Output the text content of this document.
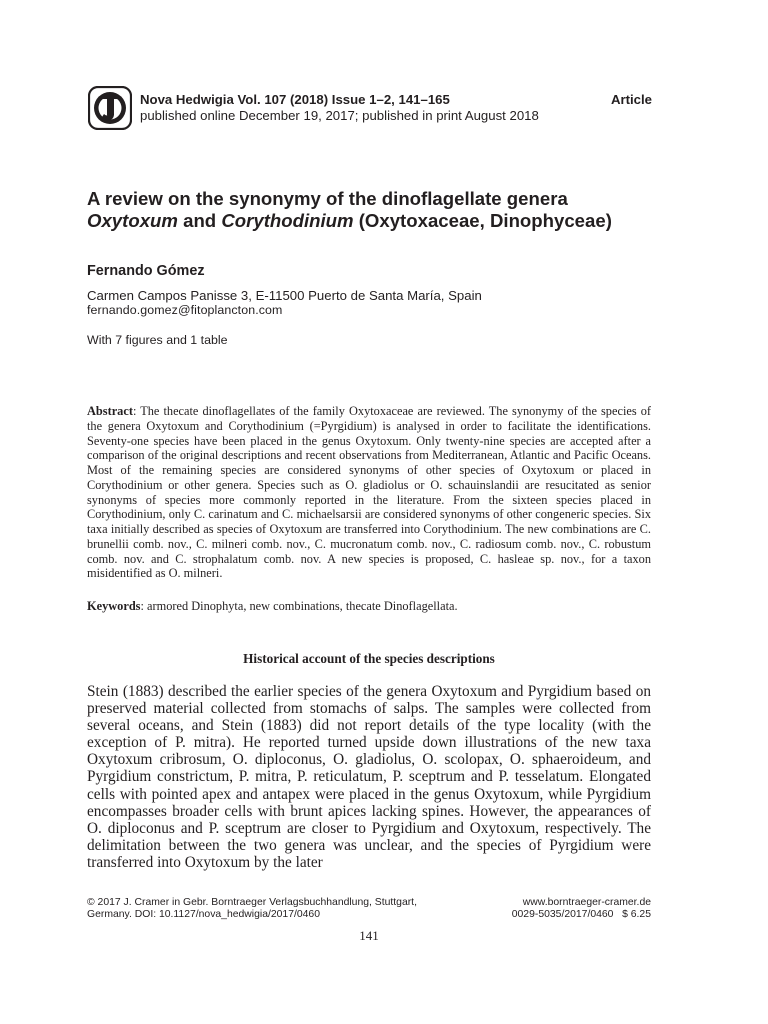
Nova Hedwigia Vol. 107 (2018) Issue 1–2, 141–165	Article
published online December 19, 2017; published in print August 2018
A review on the synonymy of the dinoflagellate genera
Oxytoxum and Corythodinium (Oxytoxaceae, Dinophyceae)
Fernando Gómez
Carmen Campos Panisse 3, E-11500 Puerto de Santa María, Spain
fernando.gomez@fitoplancton.com
With 7 figures and 1 table
Abstract: The thecate dinoflagellates of the family Oxytoxaceae are reviewed. The synonymy of the species of the genera Oxytoxum and Corythodinium (=Pyrgidium) is analysed in order to facilitate the identifications. Seventy-one species have been placed in the genus Oxytoxum. Only twenty-nine species are accepted after a comparison of the original descriptions and recent observations from Mediterranean, Atlantic and Pacific Oceans. Most of the remaining species are considered synonyms of other species of Oxytoxum or placed in Corythodinium or other genera. Species such as O. gladiolus or O. schauinslandii are resucitated as senior synonyms of species more commonly reported in the literature. From the sixteen species placed in Corythodinium, only C. carinatum and C. michaelsarsii are considered synonyms of other congeneric species. Six taxa initially described as species of Oxytoxum are transferred into Corythodinium. The new combinations are C. brunellii comb. nov., C. milneri comb. nov., C. mucronatum comb. nov., C. radiosum comb. nov., C. robustum comb. nov. and C. strophalatum comb. nov. A new species is proposed, C. hasleae sp. nov., for a taxon misidentified as O. milneri.
Keywords: armored Dinophyta, new combinations, thecate Dinoflagellata.
Historical account of the species descriptions
Stein (1883) described the earlier species of the genera Oxytoxum and Pyrgidium based on preserved material collected from stomachs of salps. The samples were collected from several oceans, and Stein (1883) did not report details of the type locality (with the exception of P. mitra). He reported turned upside down illustrations of the new taxa Oxytoxum cribrosum, O. diploconus, O. gladiolus, O. scolopax, O. sphaeroideum, and Pyrgidium constrictum, P. mitra, P. reticulatum, P. sceptrum and P. tesselatum. Elongated cells with pointed apex and antapex were placed in the genus Oxytoxum, while Pyrgidium encompasses broader cells with brunt apices lacking spines. However, the appearances of O. diploconus and P. sceptrum are closer to Pyrgidium and Oxytoxum, respectively. The delimitation between the two genera was unclear, and the species of Pyrgidium were transferred into Oxytoxum by the later
© 2017 J. Cramer in Gebr. Borntraeger Verlagsbuchhandlung, Stuttgart,
Germany. DOI: 10.1127/nova_hedwigia/2017/0460
www.borntraeger-cramer.de
0029-5035/2017/0460   $ 6.25
141
